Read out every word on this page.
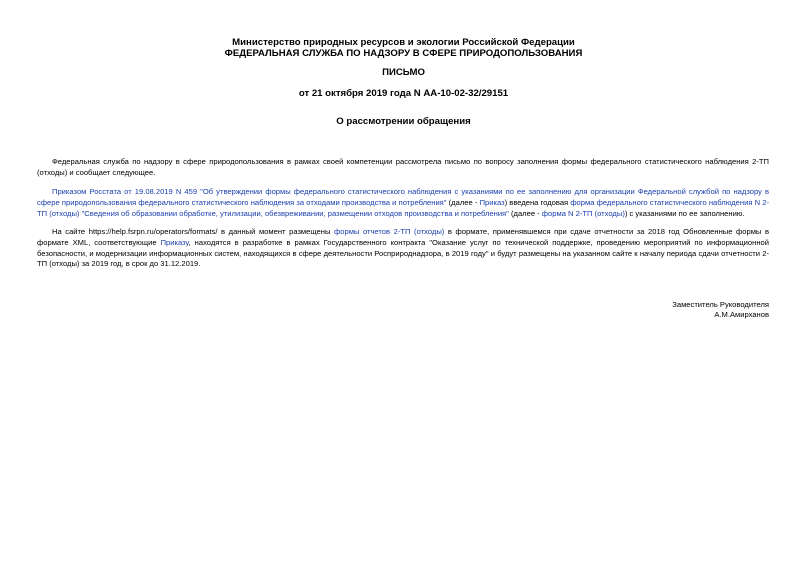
Министерство природных ресурсов и экологии Российской Федерации
ФЕДЕРАЛЬНАЯ СЛУЖБА ПО НАДЗОРУ В СФЕРЕ ПРИРОДОПОЛЬЗОВАНИЯ
ПИСЬМО
от 21 октября 2019 года N АА-10-02-32/29151
О рассмотрении обращения
Федеральная служба по надзору в сфере природопользования в рамках своей компетенции рассмотрела письмо по вопросу заполнения формы федерального статистического наблюдения 2-ТП (отходы) и сообщает следующее.
Приказом Росстата от 19.08.2019 N 459 "Об утверждении формы федерального статистического наблюдения с указаниями по ее заполнению для организации Федеральной службой по надзору в сфере природопользования федерального статистического наблюдения за отходами производства и потребления" (далее - Приказ) введена годовая форма федерального статистического наблюдения N 2-ТП (отходы) "Сведения об образовании обработке, утилизации, обезвреживании, размещении отходов производства и потребления" (далее - форма N 2-ТП (отходы)) с указаниями по ее заполнению.
На сайте https://help.fsrpn.ru/operators/formats/ в данный момент размещены формы отчетов 2-ТП (отходы) в формате, применявшемся при сдаче отчетности за 2018 год Обновленные формы в формате XML, соответствующие Приказу, находятся в разработке в рамках Государственного контракта "Оказание услуг по технической поддержке, проведению мероприятий по информационной безопасности, и модернизации информационных систем, находящихся в сфере деятельности Росприроднадзора, в 2019 году" и будут размещены на указанном сайте к началу периода сдачи отчетности 2-ТП (отходы) за 2019 год, в срок до 31.12.2019.
Заместитель Руководителя
А.М.Амирханов
